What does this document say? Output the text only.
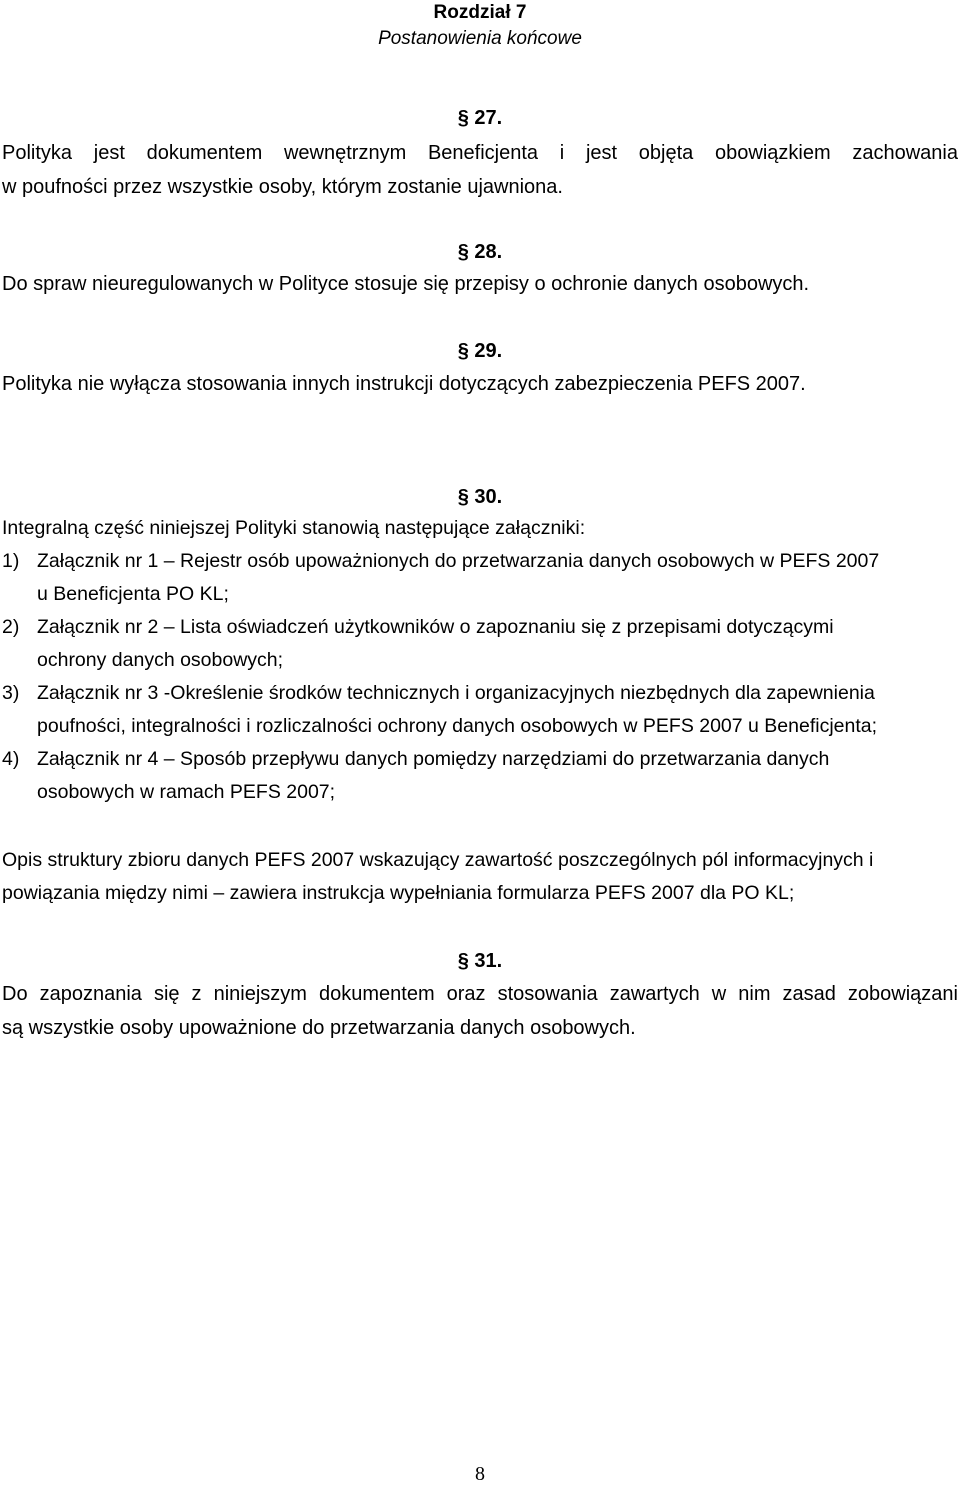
Rozdział 7
Postanowienia końcowe
§ 27.
Polityka jest dokumentem wewnętrznym Beneficjenta i jest objęta obowiązkiem zachowania
w poufności przez wszystkie osoby, którym zostanie ujawniona.
§ 28.
Do spraw nieuregulowanych w Polityce stosuje się przepisy o ochronie danych osobowych.
§ 29.
Polityka nie wyłącza stosowania innych instrukcji dotyczących zabezpieczenia PEFS 2007.
§ 30.
Integralną część niniejszej Polityki stanowią następujące załączniki:
1) Załącznik nr 1 – Rejestr osób upoważnionych do przetwarzania danych osobowych w PEFS 2007
u Beneficjenta PO KL;
2) Załącznik nr 2 – Lista oświadczeń użytkowników o zapoznaniu się z przepisami dotyczącymi
ochrony danych osobowych;
3) Załącznik nr 3 -Określenie środków technicznych i organizacyjnych niezbędnych dla zapewnienia
poufności, integralności i rozliczalności ochrony danych osobowych w PEFS 2007 u Beneficjenta;
4) Załącznik nr 4 – Sposób przepływu danych pomiędzy narzędziami do przetwarzania danych
osobowych w ramach PEFS 2007;
Opis struktury zbioru danych PEFS 2007 wskazujący zawartość poszczególnych pól informacyjnych i
powiązania między nimi – zawiera instrukcja wypełniania formularza PEFS 2007 dla PO KL;
§ 31.
Do zapoznania się z niniejszym dokumentem oraz stosowania zawartych w nim zasad zobowiązani
są wszystkie osoby upoważnione do przetwarzania danych osobowych.
8
